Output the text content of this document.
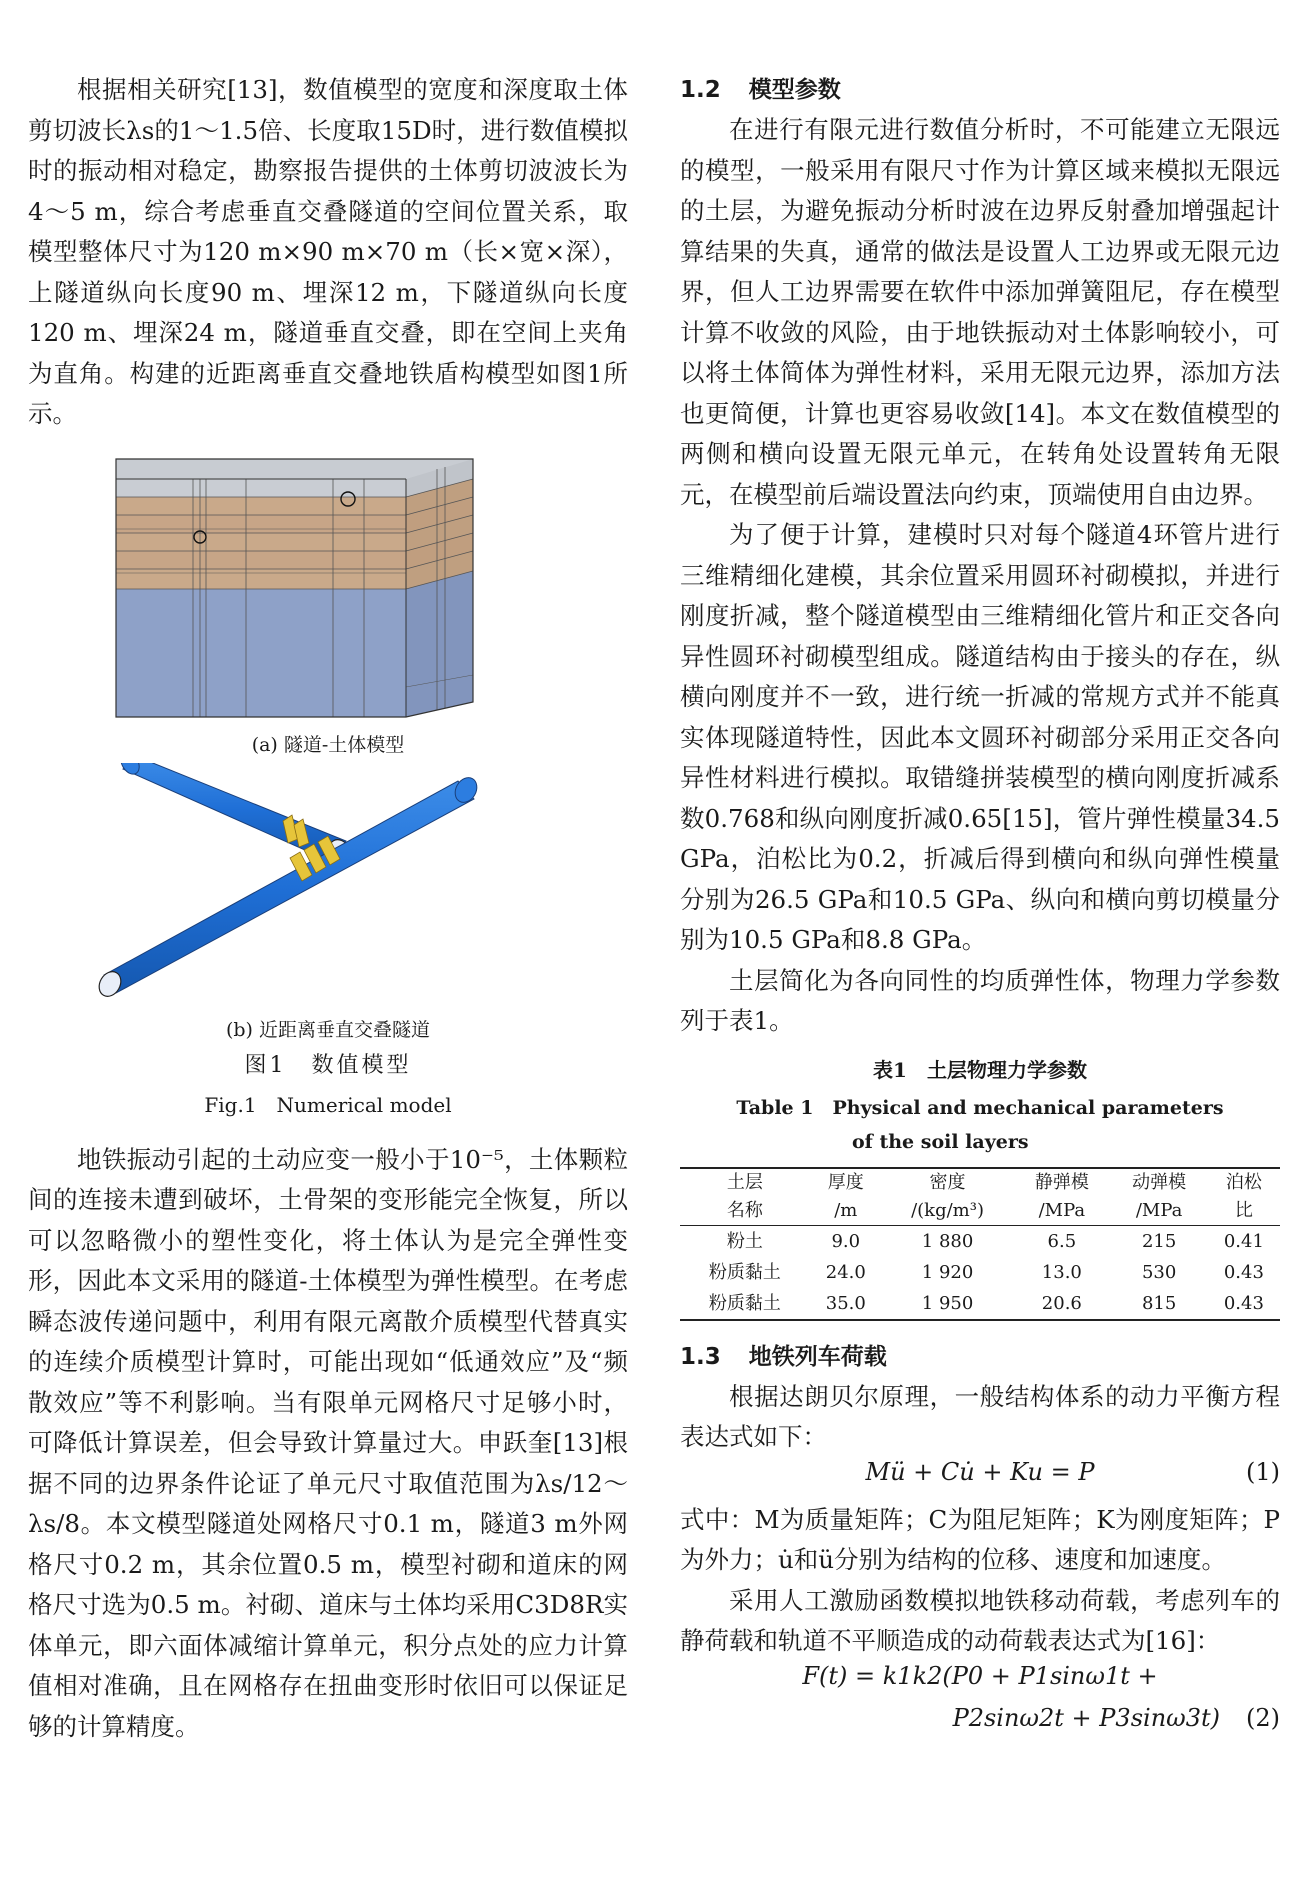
根据相关研究[13]，数值模型的宽度和深度取土体剪切波长λs的1～1.5倍、长度取15D时，进行数值模拟时的振动相对稳定，勘察报告提供的土体剪切波波长为4～5 m，综合考虑垂直交叠隧道的空间位置关系，取模型整体尺寸为120 m×90 m×70 m（长×宽×深），上隧道纵向长度90 m、埋深12 m，下隧道纵向长度120 m、埋深24 m，隧道垂直交叠，即在空间上夹角为直角。构建的近距离垂直交叠地铁盾构模型如图1所示。

(a) 隧道-土体模型

(b) 近距离垂直交叠隧道

图1　数值模型

Fig.1　Numerical model

地铁振动引起的土动应变一般小于10⁻⁵，土体颗粒间的连接未遭到破坏，土骨架的变形能完全恢复，所以可以忽略微小的塑性变化，将土体认为是完全弹性变形，因此本文采用的隧道-土体模型为弹性模型。在考虑瞬态波传递问题中，利用有限元离散介质模型代替真实的连续介质模型计算时，可能出现如“低通效应”及“频散效应”等不利影响。当有限单元网格尺寸足够小时，可降低计算误差，但会导致计算量过大。申跃奎[13]根据不同的边界条件论证了单元尺寸取值范围为λs/12～λs/8。本文模型隧道处网格尺寸0.1 m，隧道3 m外网格尺寸0.2 m，其余位置0.5 m，模型衬砌和道床的网格尺寸选为0.5 m。衬砌、道床与土体均采用C3D8R实体单元，即六面体减缩计算单元，积分点处的应力计算值相对准确，且在网格存在扭曲变形时依旧可以保证足够的计算精度。

1.2 模型参数

在进行有限元进行数值分析时，不可能建立无限远的模型，一般采用有限尺寸作为计算区域来模拟无限远的土层，为避免振动分析时波在边界反射叠加增强起计算结果的失真，通常的做法是设置人工边界或无限元边界，但人工边界需要在软件中添加弹簧阻尼，存在模型计算不收敛的风险，由于地铁振动对土体影响较小，可以将土体简体为弹性材料，采用无限元边界，添加方法也更简便，计算也更容易收敛[14]。本文在数值模型的两侧和横向设置无限元单元，在转角处设置转角无限元，在模型前后端设置法向约束，顶端使用自由边界。

为了便于计算，建模时只对每个隧道4环管片进行三维精细化建模，其余位置采用圆环衬砌模拟，并进行刚度折减，整个隧道模型由三维精细化管片和正交各向异性圆环衬砌模型组成。隧道结构由于接头的存在，纵横向刚度并不一致，进行统一折减的常规方式并不能真实体现隧道特性，因此本文圆环衬砌部分采用正交各向异性材料进行模拟。取错缝拼装模型的横向刚度折减系数0.768和纵向刚度折减0.65[15]，管片弹性模量34.5 GPa，泊松比为0.2，折减后得到横向和纵向弹性模量分别为26.5 GPa和10.5 GPa、纵向和横向剪切模量分别为10.5 GPa和8.8 GPa。

土层简化为各向同性的均质弹性体，物理力学参数列于表1。

表1　土层物理力学参数

Table 1　Physical and mechanical parameters

of the soil layers

土层	厚度	密度	静弹模	动弹模	泊松
名称	/m	/(kg/m³)	/MPa	/MPa	比
粉土	9.0	1 880	6.5	215	0.41
粉质黏土	24.0	1 920	13.0	530	0.43
粉质黏土	35.0	1 950	20.6	815	0.43

1.3 地铁列车荷载

根据达朗贝尔原理，一般结构体系的动力平衡方程表达式如下：

Mü + Cu̇ + Ku = P	(1)

式中：M为质量矩阵；C为阻尼矩阵；K为刚度矩阵；P为外力；u̇和ü分别为结构的位移、速度和加速度。

采用人工激励函数模拟地铁移动荷载，考虑列车的静荷载和轨道不平顺造成的动荷载表达式为[16]：

F(t) = k1k2(P0 + P1sinω1t +
P2sinω2t + P3sinω3t)	(2)
